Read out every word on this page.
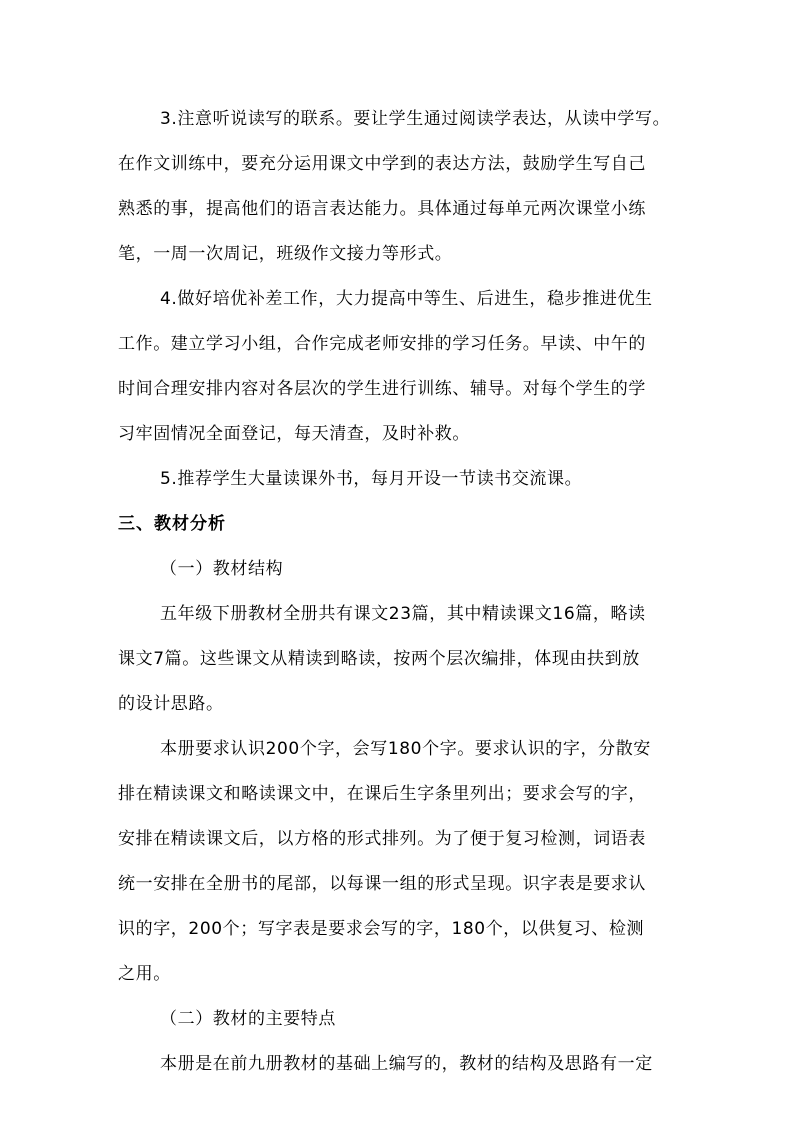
3.注意听说读写的联系。要让学生通过阅读学表达，从读中学写。
在作文训练中，要充分运用课文中学到的表达方法，鼓励学生写自己
熟悉的事，提高他们的语言表达能力。具体通过每单元两次课堂小练
笔，一周一次周记，班级作文接力等形式。
4.做好培优补差工作，大力提高中等生、后进生，稳步推进优生
工作。建立学习小组，合作完成老师安排的学习任务。早读、中午的
时间合理安排内容对各层次的学生进行训练、辅导。对每个学生的学
习牢固情况全面登记，每天清查，及时补救。
5.推荐学生大量读课外书，每月开设一节读书交流课。
三、教材分析
（一）教材结构
五年级下册教材全册共有课文23篇，其中精读课文16篇，略读
课文7篇。这些课文从精读到略读，按两个层次编排，体现由扶到放
的设计思路。
本册要求认识200个字，会写180个字。要求认识的字，分散安
排在精读课文和略读课文中，在课后生字条里列出；要求会写的字，
安排在精读课文后，以方格的形式排列。为了便于复习检测，词语表
统一安排在全册书的尾部，以每课一组的形式呈现。识字表是要求认
识的字，200个；写字表是要求会写的字，180个，以供复习、检测
之用。
（二）教材的主要特点
本册是在前九册教材的基础上编写的，教材的结构及思路有一定
